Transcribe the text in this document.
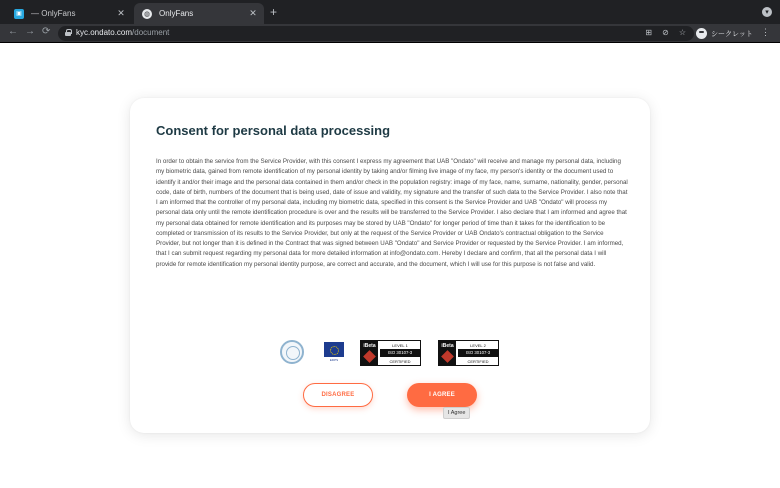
▣ — OnlyFans	✕	◍ OnlyFans	✕ +	▾
← → ⟳	kyc.ondato.com/document	⊞ ⊘ ☆	シークレット ⋮
Consent for personal data processing

In order to obtain the service from the Service Provider, with this consent I express my agreement that UAB "Ondato" will receive and manage my personal data, including my biometric data, gained from remote identification of my personal identity by taking and/or filming live image of my face, my person's identity or the document used to identify it and/or their image and the personal data contained in them and/or check in the population registry: image of my face, name, surname, nationality, gender, personal code, date of birth, numbers of the document that is being used, date of issue and validity, my signature and the transfer of such data to the Service Provider. I also note that I am informed that the controller of my personal data, including my biometric data, specified in this consent is the Service Provider and UAB "Ondato" will process my personal data only until the remote identification procedure is over and the results will be transferred to the Service Provider. I also declare that I am informed and agree that my personal data obtained for remote identification and its purposes may be stored by UAB "Ondato" for longer period of time than it takes for the identification to be completed or transmission of its results to the Service Provider, but only at the request of the Service Provider or UAB Ondato's contractual obligation to the Service Provider, but not longer than it is defined in the Contract that was signed between UAB "Ondato" and Service Provider or requested by the Service Provider. I am informed, that I can submit request regarding my personal data for more detailed information at info@ondato.com. Hereby I declare and confirm, that all the personal data I will provide for remote identification my personal identity purpose, are correct and accurate, and the document, which I will use for this purpose is not false and valid.

EDPS
iBeta	LEVEL 1
ISO 30107-3
CERTIFIED
iBeta	LEVEL 2
ISO 30107-3
CERTIFIED
DISAGREE	I AGREE
I Agree
